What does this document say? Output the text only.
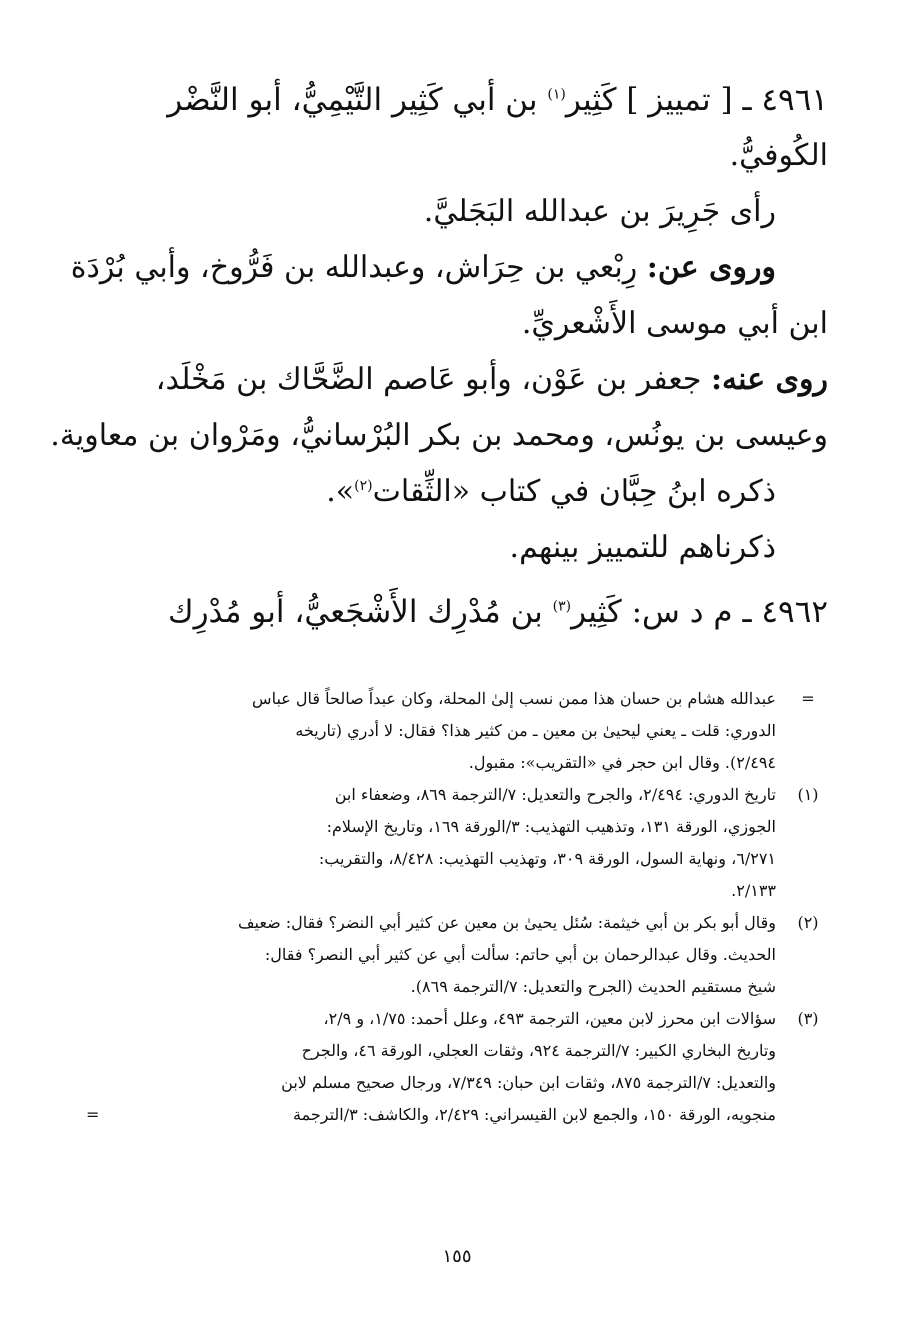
٤٩٦١ ـ [ تمييز ] كَثِير$^{(١)}$ بن أبي كَثِير التَّيْمِيُّ، أبو النَّضْر
الكُوفيُّ.
رأى جَرِيرَ بن عبدالله البَجَليَّ.
وروى عن: رِبْعي بن حِرَاش، وعبدالله بن فَرُّوخ، وأبي بُرْدَة
ابن أبي موسى الأَشْعريِّ.
روى عنه: جعفر بن عَوْن، وأبو عَاصم الضَّحَّاك بن مَخْلَد،
وعيسى بن يونُس، ومحمد بن بكر البُرْسانيُّ، ومَرْوان بن معاوية.
ذكره ابنُ حِبَّان في كتاب «الثِّقات$^{(٢)}$».
ذكرناهم للتمييز بينهم.
٤٩٦٢ ـ م د س: كَثِير$^{(٣)}$ بن مُدْرِك الأَشْجَعيُّ، أبو مُدْرِك
=
عبدالله هشام بن حسان هذا ممن نسب إلىٰ المحلة، وكان عبداً صالحاً قال عباس
الدوري: قلت ـ يعني ليحيىٰ بن معين ـ من كثير هذا؟ فقال: لا أدري (تاريخه
٢/٤٩٤). وقال ابن حجر في «التقريب»: مقبول.
(١)
تاريخ الدوري: ٢/٤٩٤، والجرح والتعديل: ٧/الترجمة ٨٦٩، وضعفاء ابن
الجوزي، الورقة ١٣١، وتذهيب التهذيب: ٣/الورقة ١٦٩، وتاريخ الإسلام:
٦/٢٧١، ونهاية السول، الورقة ٣٠٩، وتهذيب التهذيب: ٨/٤٢٨، والتقريب:
٢/١٣٣.
(٢)
وقال أبو بكر بن أبي خيثمة: سُئل يحيىٰ بن معين عن كثير أبي النضر؟ فقال: ضعيف
الحديث. وقال عبدالرحمان بن أبي حاتم: سألت أبي عن كثير أبي النصر؟ فقال:
شيخ مستقيم الحديث (الجرح والتعديل: ٧/الترجمة ٨٦٩).
(٣)
سؤالات ابن محرز لابن معين، الترجمة ٤٩٣، وعلل أحمد: ١/٧٥، و ٢/٩،
وتاريخ البخاري الكبير: ٧/الترجمة ٩٢٤، وثقات العجلي، الورقة ٤٦، والجرح
والتعديل: ٧/الترجمة ٨٧٥، وثقات ابن حبان: ٧/٣٤٩، ورجال صحيح مسلم لابن
منجويه، الورقة ١٥٠، والجمع لابن القيسراني: ٢/٤٢٩، والكاشف: ٣/الترجمة
=
١٥٥
